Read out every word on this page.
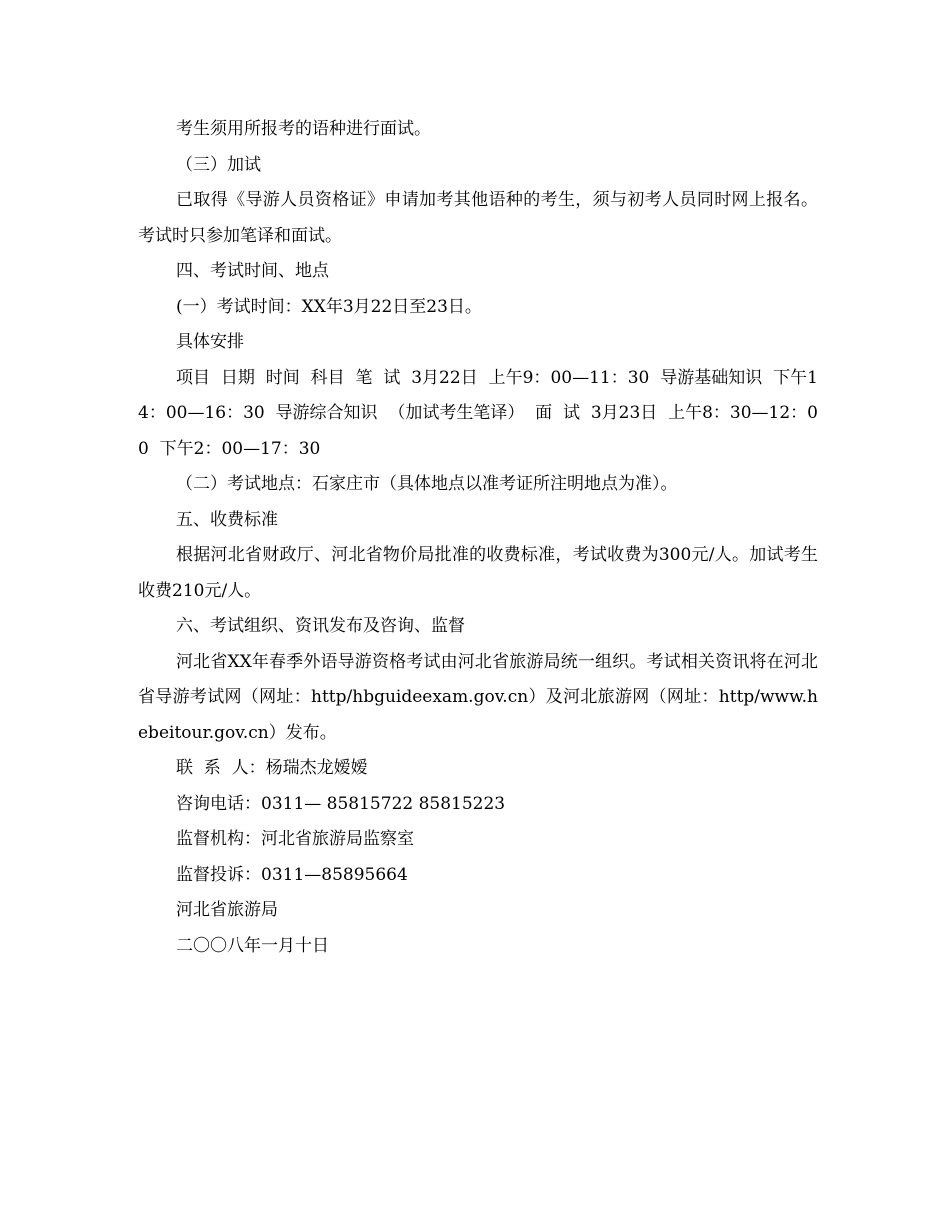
考生须用所报考的语种进行面试。

（三）加试

已取得《导游人员资格证》申请加考其他语种的考生，须与初考人员同时网上报名。考试时只参加笔译和面试。

四、考试时间、地点

(一）考试时间：XX年3月22日至23日。

具体安排

项目  日期  时间  科目  笔  试  3月22日  上午9：00—11：30  导游基础知识  下午14：00—16：30  导游综合知识  （加试考生笔译）  面  试  3月23日  上午8：30—12：00  下午2：00—17：30

（二）考试地点：石家庄市（具体地点以准考证所注明地点为准）。

五、收费标准

根据河北省财政厅、河北省物价局批准的收费标准，考试收费为300元/人。加试考生收费210元/人。

六、考试组织、资讯发布及咨询、监督

河北省XX年春季外语导游资格考试由河北省旅游局统一组织。考试相关资讯将在河北省导游考试网（网址：http/hbguideexam.gov.cn）及河北旅游网（网址：http/www.hebeitour.gov.cn）发布。

联  系  人：杨瑞杰龙嫒嫒

咨询电话：0311— 85815722 85815223

监督机构：河北省旅游局监察室

监督投诉：0311—85895664

河北省旅游局

二〇〇八年一月十日
